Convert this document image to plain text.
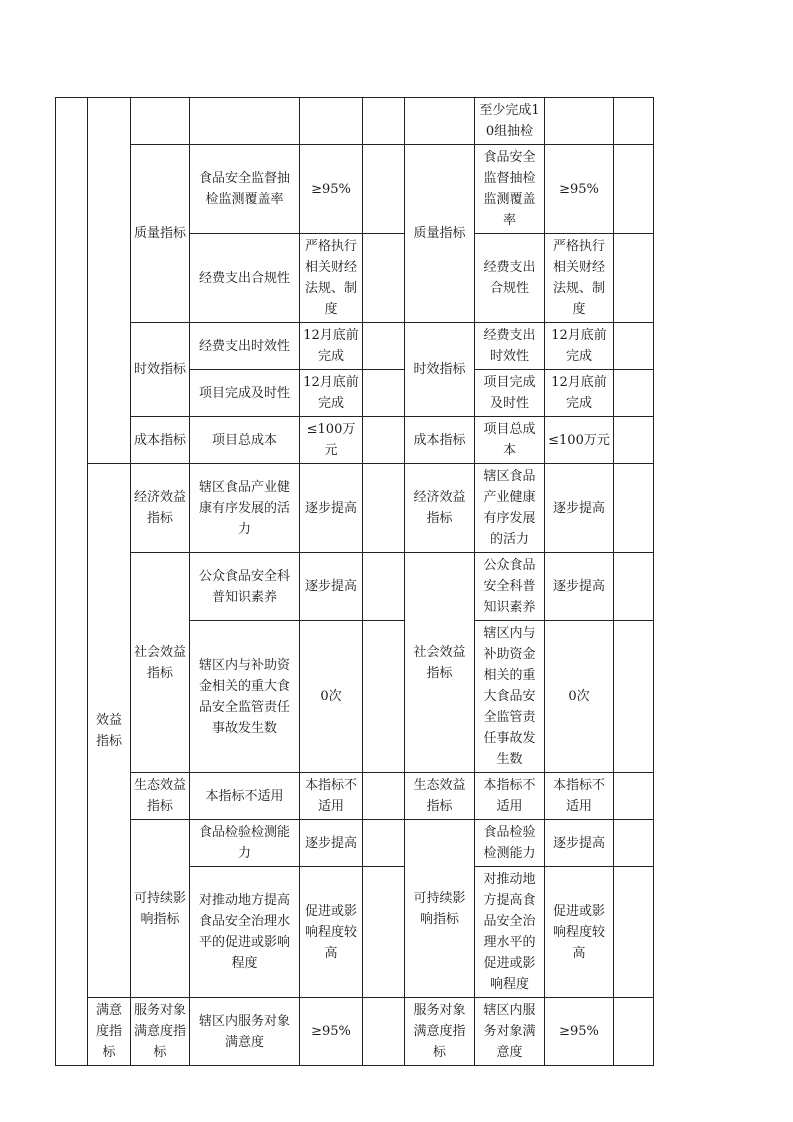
							至少完成10组抽检		
		质量指标	食品安全监督抽检监测覆盖率	≥95%		质量指标	食品安全监督抽检监测覆盖率	≥95%	
			经费支出合规性	严格执行相关财经法规、制度			经费支出合规性	严格执行相关财经法规、制度	
		时效指标	经费支出时效性	12月底前完成		时效指标	经费支出时效性	12月底前完成	
			项目完成及时性	12月底前完成			项目完成及时性	12月底前完成	
		成本指标	项目总成本	≤100万元		成本指标	项目总成本	≤100万元	
	效益指标	经济效益指标	辖区食品产业健康有序发展的活力	逐步提高		经济效益指标	辖区食品产业健康有序发展的活力	逐步提高	
		社会效益指标	公众食品安全科普知识素养	逐步提高		社会效益指标	公众食品安全科普知识素养	逐步提高	
			辖区内与补助资金相关的重大食品安全监管责任事故发生数	0次			辖区内与补助资金相关的重大食品安全监管责任事故发生数	0次	
		生态效益指标	本指标不适用	本指标不适用		生态效益指标	本指标不适用	本指标不适用	
		可持续影响指标	食品检验检测能力	逐步提高		可持续影响指标	食品检验检测能力	逐步提高	
			对推动地方提高食品安全治理水平的促进或影响程度	促进或影响程度较高			对推动地方提高食品安全治理水平的促进或影响程度	促进或影响程度较高	
	满意度指标	服务对象满意度指标	辖区内服务对象满意度	≥95%		服务对象满意度指标	辖区内服务对象满意度	≥95%	
